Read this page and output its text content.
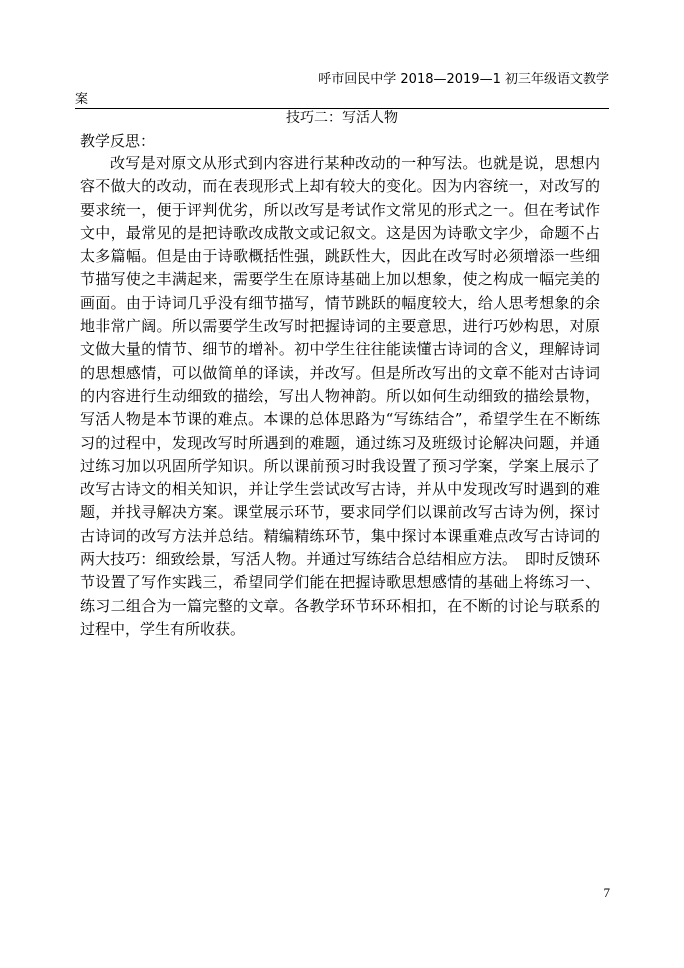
呼市回民中学 2018—2019—1 初三年级语文教学
案
技巧二：写活人物
教学反思：

改写是对原文从形式到内容进行某种改动的一种写法。也就是说，思想内容不做大的改动，而在表现形式上却有较大的变化。因为内容统一，对改写的要求统一，便于评判优劣，所以改写是考试作文常见的形式之一。但在考试作文中，最常见的是把诗歌改成散文或记叙文。这是因为诗歌文字少，命题不占太多篇幅。但是由于诗歌概括性强，跳跃性大，因此在改写时必须增添一些细节描写使之丰满起来，需要学生在原诗基础上加以想象，使之构成一幅完美的画面。由于诗词几乎没有细节描写，情节跳跃的幅度较大，给人思考想象的余地非常广阔。所以需要学生改写时把握诗词的主要意思，进行巧妙构思，对原文做大量的情节、细节的增补。初中学生往往能读懂古诗词的含义，理解诗词的思想感情，可以做简单的译读，并改写。但是所改写出的文章不能对古诗词的内容进行生动细致的描绘，写出人物神韵。所以如何生动细致的描绘景物，写活人物是本节课的难点。本课的总体思路为“写练结合”，希望学生在不断练习的过程中，发现改写时所遇到的难题，通过练习及班级讨论解决问题，并通过练习加以巩固所学知识。所以课前预习时我设置了预习学案，学案上展示了改写古诗文的相关知识，并让学生尝试改写古诗，并从中发现改写时遇到的难题，并找寻解决方案。课堂展示环节，要求同学们以课前改写古诗为例，探讨古诗词的改写方法并总结。精编精练环节，集中探讨本课重难点改写古诗词的两大技巧：细致绘景，写活人物。并通过写练结合总结相应方法。　即时反馈环节设置了写作实践三，希望同学们能在把握诗歌思想感情的基础上将练习一、练习二组合为一篇完整的文章。各教学环节环环相扣，在不断的讨论与联系的过程中，学生有所收获。

7
